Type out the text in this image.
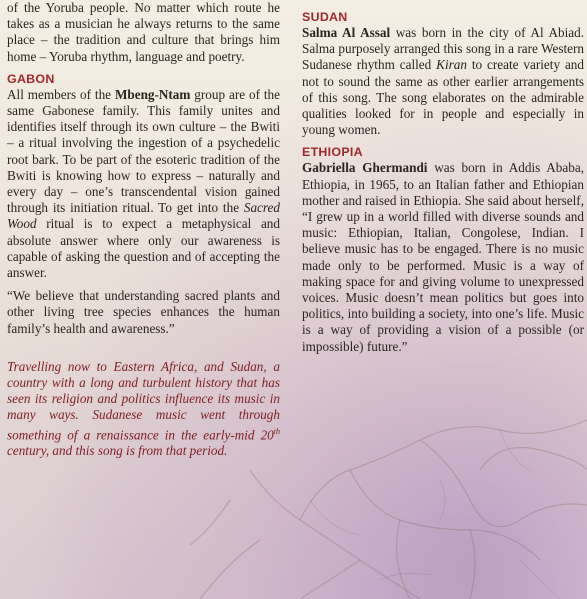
of the Yoruba people. No matter which route he takes as a musician he always returns to the same place – the tradition and culture that brings him home – Yoruba rhythm, language and poetry.

GABON

All members of the Mbeng-Ntam group are of the same Gabonese family. This family unites and identifies itself through its own culture – the Bwiti – a ritual involving the ingestion of a psychedelic root bark. To be part of the esoteric tradition of the Bwiti is knowing how to express – naturally and every day – one’s transcendental vision gained through its initiation ritual. To get into the Sacred Wood ritual is to expect a metaphysical and absolute answer where only our awareness is capable of asking the question and of accepting the answer.

“We believe that understanding sacred plants and other living tree species enhances the human family’s health and awareness.”

Travelling now to Eastern Africa, and Sudan, a country with a long and turbulent history that has seen its religion and politics influence its music in many ways. Sudanese music went through something of a renaissance in the early-mid 20th century, and this song is from that period.

SUDAN

Salma Al Assal was born in the city of Al Abiad. Salma purposely arranged this song in a rare Western Sudanese rhythm called Kiran to create variety and not to sound the same as other earlier arrangements of this song. The song elaborates on the admirable qualities looked for in people and especially in young women.

ETHIOPIA

Gabriella Ghermandi was born in Addis Ababa, Ethiopia, in 1965, to an Italian father and Ethiopian mother and raised in Ethiopia. She said about herself, “I grew up in a world filled with diverse sounds and music: Ethiopian, Italian, Congolese, Indian. I believe music has to be engaged. There is no music made only to be performed. Music is a way of making space for and giving volume to unexpressed voices. Music doesn’t mean politics but goes into politics, into building a society, into one’s life. Music is a way of providing a vision of a possible (or impossible) future.”
